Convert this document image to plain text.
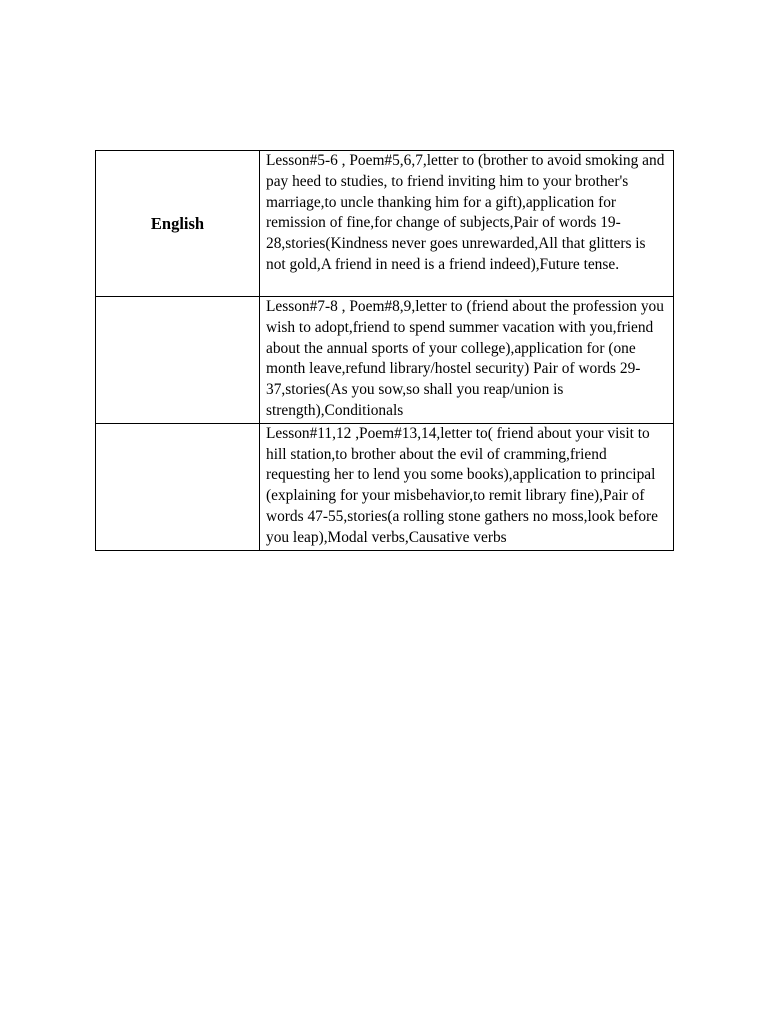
English	Lesson#5-6 , Poem#5,6,7,letter to (brother to avoid smoking and pay heed to studies, to friend inviting him to your brother's marriage,to uncle thanking him for a gift),application for remission of fine,for change of subjects,Pair of words 19-28,stories(Kindness never goes unrewarded,All that glitters is not gold,A friend in need is a friend indeed),Future tense.

	Lesson#7-8 , Poem#8,9,letter to (friend about the profession you wish to adopt,friend to spend summer vacation with you,friend about the annual sports of your college),application for (one month leave,refund library/hostel security) Pair of words 29-37,stories(As you sow,so shall you reap/union is strength),Conditionals

	Lesson#11,12 ,Poem#13,14,letter to( friend about your visit to hill station,to brother about the evil of cramming,friend requesting her to lend you some books),application to principal (explaining for your misbehavior,to remit library fine),Pair of words 47-55,stories(a rolling stone gathers no moss,look before you leap),Modal verbs,Causative verbs
